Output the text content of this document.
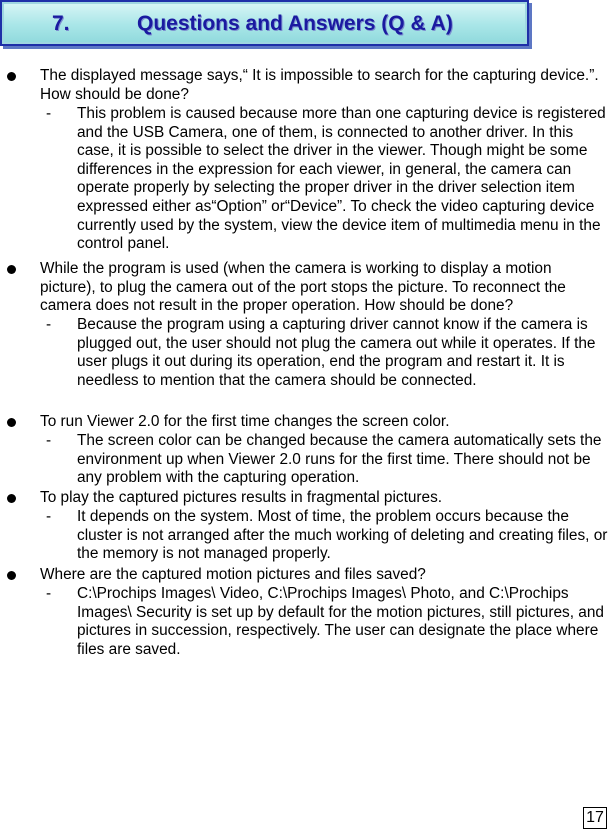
7.	Questions and Answers (Q & A)
The displayed message says,“ It is impossible to search for the capturing device.”. How should be done?
- This problem is caused because more than one capturing device is registered and the USB Camera, one of them, is connected to another driver. In this case, it is possible to select the driver in the viewer. Though might be some differences in the expression for each viewer, in general, the camera can operate properly by selecting the proper driver in the driver selection item expressed either as“Option” or“Device”. To check the video capturing device currently used by the system, view the device item of multimedia menu in the control panel.
While the program is used (when the camera is working to display a motion picture), to plug the camera out of the port stops the picture. To reconnect the camera does not result in the proper operation. How should be done?
- Because the program using a capturing driver cannot know if the camera is plugged out, the user should not plug the camera out while it operates. If the user plugs it out during its operation, end the program and restart it. It is needless to mention that the camera should be connected.
To run Viewer 2.0 for the first time changes the screen color.
- The screen color can be changed because the camera automatically sets the environment up when Viewer 2.0 runs for the first time. There should not be any problem with the capturing operation.
To play the captured pictures results in fragmental pictures.
- It depends on the system. Most of time, the problem occurs because the cluster is not arranged after the much working of deleting and creating files, or the memory is not managed properly.
Where are the captured motion pictures and files saved?
- C:\Prochips Images\ Video, C:\Prochips Images\ Photo, and C:\Prochips Images\ Security is set up by default for the motion pictures, still pictures, and pictures in succession, respectively. The user can designate the place where files are saved.
17
